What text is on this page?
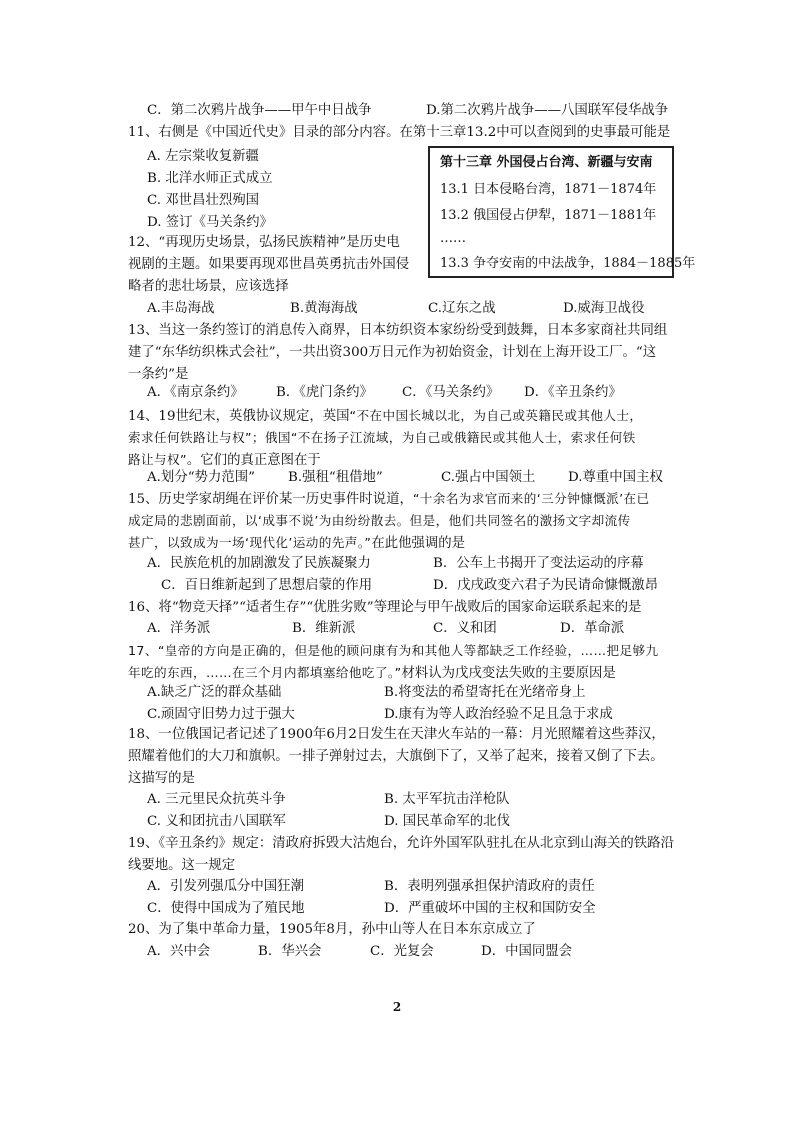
C．第二次鸦片战争——甲午中日战争	D.第二次鸦片战争——八国联军侵华战争
11、右侧是《中国近代史》目录的部分内容。在第十三章13.2中可以查阅到的史事最可能是
A. 左宗棠收复新疆
B. 北洋水师正式成立
C. 邓世昌壮烈殉国
D. 签订《马关条约》
第十三章 外国侵占台湾、新疆与安南
13.1 日本侵略台湾，1871－1874年
13.2 俄国侵占伊犁，1871－1881年
……
13.3 争夺安南的中法战争，1884－1885年
12、“再现历史场景，弘扬民族精神”是历史电
视剧的主题。如果要再现邓世昌英勇抗击外国侵
略者的悲壮场景，应该选择
A.丰岛海战	B.黄海海战	C.辽东之战	D.威海卫战役
13、当这一条约签订的消息传入商界，日本纺织资本家纷纷受到鼓舞，日本多家商社共同组
建了“东华纺织株式会社”，一共出资300万日元作为初始资金，计划在上海开设工厂。“这
一条约”是
A．《南京条约》 B．《虎门条约》 C．《马关条约》 D．《辛丑条约》
14、19世纪末，英俄协议规定，英国“不在中国长城以北，为自己或英籍民或其他人士，
索求任何铁路让与权”；俄国“不在扬子江流域，为自己或俄籍民或其他人士，索求任何铁
路让与权”。它们的真正意图在于
A.划分“势力范围” B.强租“租借地”	C.强占中国领土 D.尊重中国主权
15、历史学家胡绳在评价某一历史事件时说道，“十余名为求官而来的‘三分钟慷慨派’在已
成定局的悲剧面前，以‘成事不说’为由纷纷散去。但是，他们共同签名的激扬文字却流传
甚广，以致成为一场‘现代化’运动的先声。”在此他强调的是
A．民族危机的加剧激发了民族凝聚力	B．公车上书揭开了变法运动的序幕
C．百日维新起到了思想启蒙的作用	D．戊戌政变六君子为民请命慷慨激昂
16、将“物竞天择”“适者生存”“优胜劣败”等理论与甲午战败后的国家命运联系起来的是
A．洋务派	B．维新派	C．义和团	D．革命派
17、“皇帝的方向是正确的，但是他的顾问康有为和其他人等都缺乏工作经验，……把足够九
年吃的东西，……在三个月内都填塞给他吃了。”材料认为戊戌变法失败的主要原因是
A.缺乏广泛的群众基础	B.将变法的希望寄托在光绪帝身上
C.顽固守旧势力过于强大	D.康有为等人政治经验不足且急于求成
18、一位俄国记者记述了1900年6月2日发生在天津火车站的一幕：月光照耀着这些莽汉，
照耀着他们的大刀和旗帜。一排子弹射过去，大旗倒下了，又举了起来，接着又倒了下去。
这描写的是
A. 三元里民众抗英斗争	B. 太平军抗击洋枪队
C. 义和团抗击八国联军	D. 国民革命军的北伐
19、《辛丑条约》规定：清政府拆毁大沽炮台，允许外国军队驻扎在从北京到山海关的铁路沿
线要地。这一规定
A．引发列强瓜分中国狂潮	B．表明列强承担保护清政府的责任
C．使得中国成为了殖民地	D．严重破坏中国的主权和国防安全
20、为了集中革命力量，1905年8月，孙中山等人在日本东京成立了
A．兴中会	B．华兴会	C．光复会	D．中国同盟会
2
